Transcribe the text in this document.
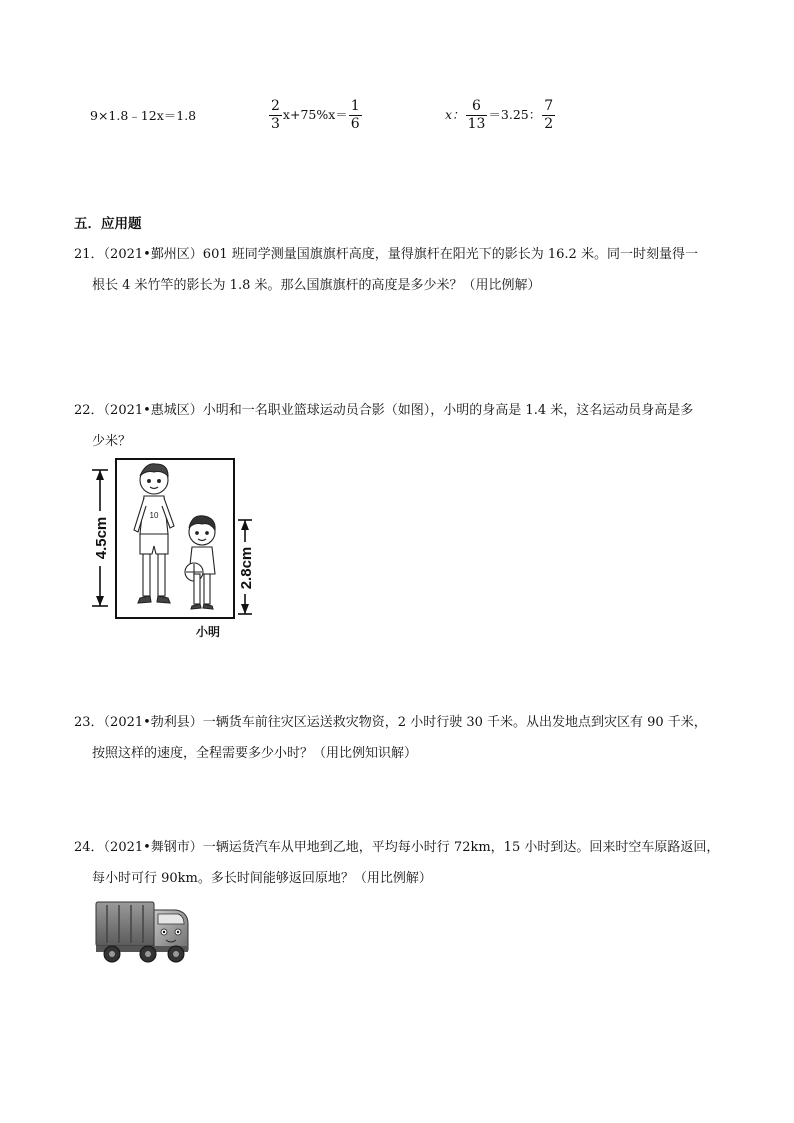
9×1.8﹣12x＝1.8	$\frac{2}{3} x+75\%x= \frac{1}{6}$	x： $\frac{6}{13} =3.25$： $\frac{7}{2}$
五．应用题
21．（2021•鄞州区）601 班同学测量国旗旗杆高度，量得旗杆在阳光下的影长为 16.2 米。同一时刻量得一
根长 4 米竹竿的影长为 1.8 米。那么国旗旗杆的高度是多少米？（用比例解）
22．（2021•惠城区）小明和一名职业篮球运动员合影（如图），小明的身高是 1.4 米，这名运动员身高是多
少米？
4.5cm
10
2.8cm
小明
23．（2021•勃利县）一辆货车前往灾区运送救灾物资，2 小时行驶 30 千米。从出发地点到灾区有 90 千米，
按照这样的速度，全程需要多少小时？（用比例知识解）
24．（2021•舞钢市）一辆运货汽车从甲地到乙地，平均每小时行 72km，15 小时到达。回来时空车原路返回，
每小时可行 90km。多长时间能够返回原地？（用比例解）
